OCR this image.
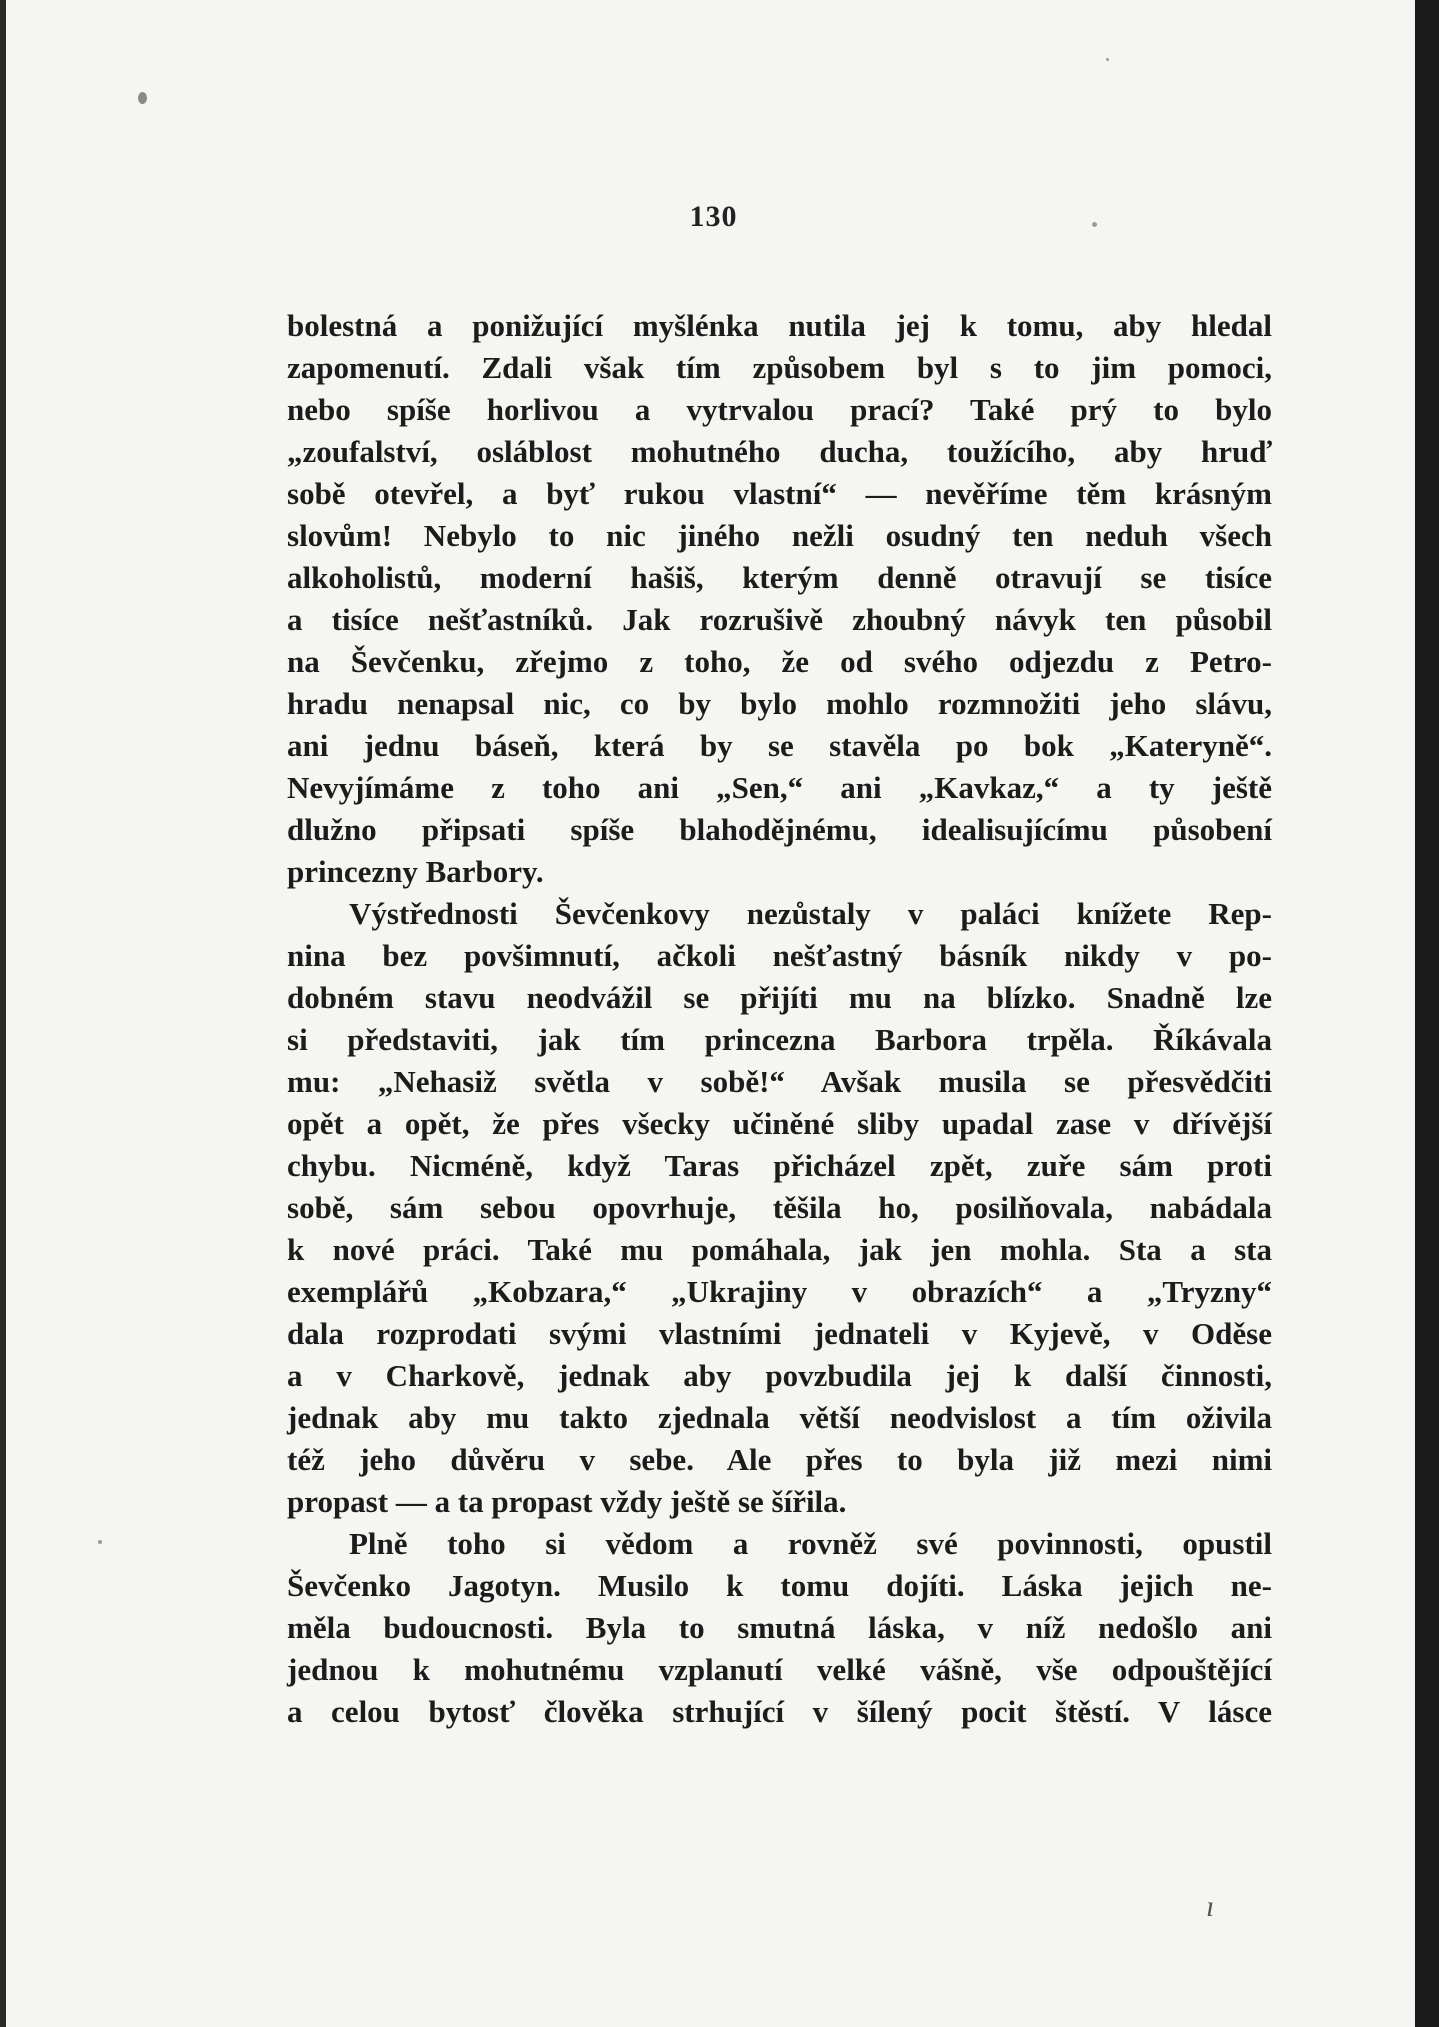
130
bolestná a ponižující myšlénka nutila jej k tomu, aby hledal
zapomenutí. Zdali však tím způsobem byl s to jim pomoci,
nebo spíše horlivou a vytrvalou prací? Také prý to bylo
„zoufalství, osláblost mohutného ducha, toužícího, aby hruď
sobě otevřel, a byť rukou vlastní“ — nevěříme těm krásným
slovům! Nebylo to nic jiného nežli osudný ten neduh všech
alkoholistů, moderní hašiš, kterým denně otravují se tisíce
a tisíce nešťastníků. Jak rozrušivě zhoubný návyk ten působil
na Ševčenku, zřejmo z toho, že od svého odjezdu z Petro-
hradu nenapsal nic, co by bylo mohlo rozmnožiti jeho slávu,
ani jednu báseň, která by se stavěla po bok „Kateryně“.
Nevyjímáme z toho ani „Sen,“ ani „Kavkaz,“ a ty ještě
dlužno připsati spíše blahodějnému, idealisujícímu působení
princezny Barbory.
Výstřednosti Ševčenkovy nezůstaly v paláci knížete Rep-
nina bez povšimnutí, ačkoli nešťastný básník nikdy v po-
dobném stavu neodvážil se přijíti mu na blízko. Snadně lze
si představiti, jak tím princezna Barbora trpěla. Říkávala
mu: „Nehasiž světla v sobě!“ Avšak musila se přesvědčiti
opět a opět, že přes všecky učiněné sliby upadal zase v dřívější
chybu. Nicméně, když Taras přicházel zpět, zuře sám proti
sobě, sám sebou opovrhuje, těšila ho, posilňovala, nabádala
k nové práci. Také mu pomáhala, jak jen mohla. Sta a sta
exemplářů „Kobzara,“ „Ukrajiny v obrazích“ a „Tryzny“
dala rozprodati svými vlastními jednateli v Kyjevě, v Oděse
a v Charkově, jednak aby povzbudila jej k další činnosti,
jednak aby mu takto zjednala větší neodvislost a tím oživila
též jeho důvěru v sebe. Ale přes to byla již mezi nimi
propast — a ta propast vždy ještě se šířila.
Plně toho si vědom a rovněž své povinnosti, opustil
Ševčenko Jagotyn. Musilo k tomu dojíti. Láska jejich ne-
měla budoucnosti. Byla to smutná láska, v níž nedošlo ani
jednou k mohutnému vzplanutí velké vášně, vše odpouštějící
a celou bytosť člověka strhující v šílený pocit štěstí. V lásce
ı
